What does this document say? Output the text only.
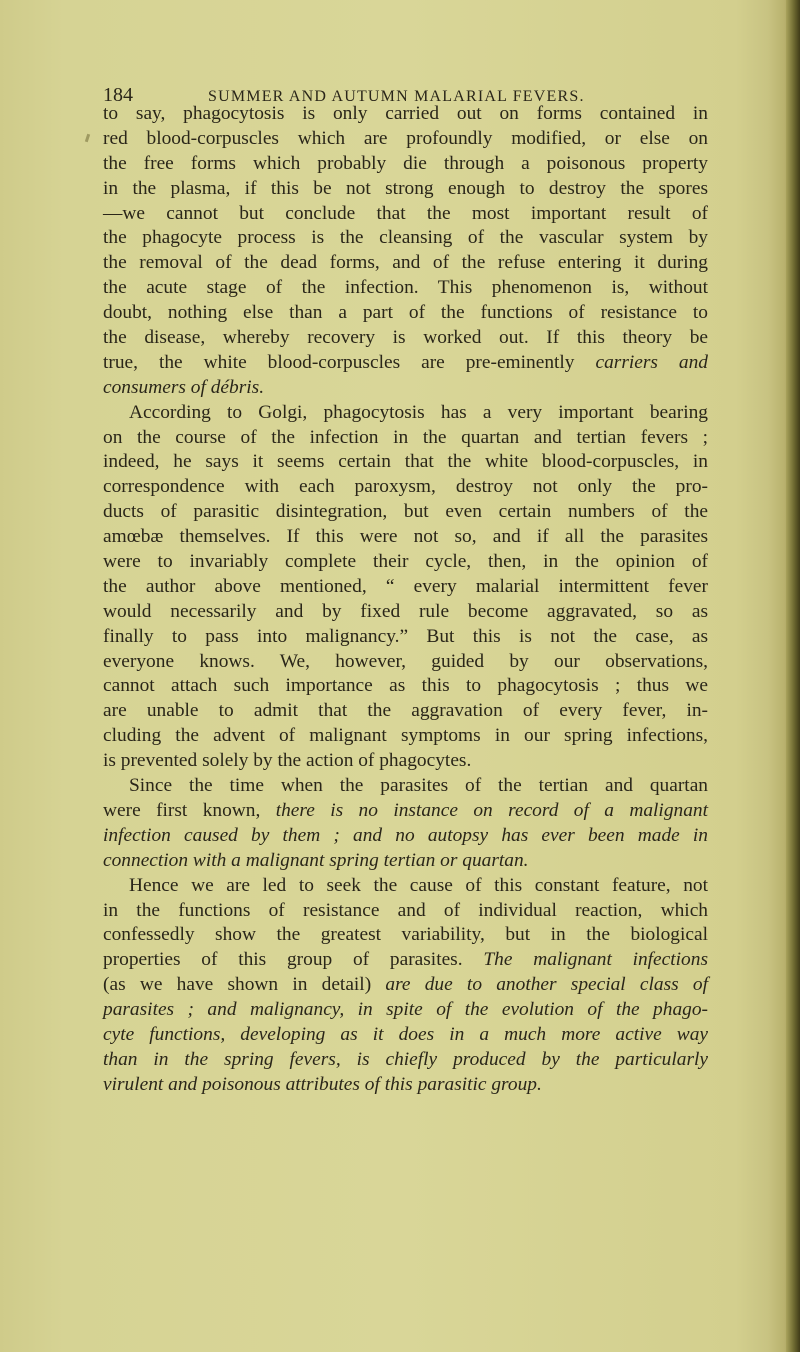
184	SUMMER AND AUTUMN MALARIAL FEVERS.
to say, phagocytosis is only carried out on forms contained in
red blood-corpuscles which are profoundly modified, or else on
the free forms which probably die through a poisonous property
in the plasma, if this be not strong enough to destroy the spores
—we cannot but conclude that the most important result of
the phagocyte process is the cleansing of the vascular system by
the removal of the dead forms, and of the refuse entering it during
the acute stage of the infection. This phenomenon is, without
doubt, nothing else than a part of the functions of resistance to
the disease, whereby recovery is worked out. If this theory be
true, the white blood-corpuscles are pre-eminently carriers and
consumers of débris.
According to Golgi, phagocytosis has a very important bearing
on the course of the infection in the quartan and tertian fevers ;
indeed, he says it seems certain that the white blood-corpuscles, in
correspondence with each paroxysm, destroy not only the pro-
ducts of parasitic disintegration, but even certain numbers of the
amœbæ themselves. If this were not so, and if all the parasites
were to invariably complete their cycle, then, in the opinion of
the author above mentioned, “ every malarial intermittent fever
would necessarily and by fixed rule become aggravated, so as
finally to pass into malignancy.” But this is not the case, as
everyone knows. We, however, guided by our observations,
cannot attach such importance as this to phagocytosis ; thus we
are unable to admit that the aggravation of every fever, in-
cluding the advent of malignant symptoms in our spring infections,
is prevented solely by the action of phagocytes.
Since the time when the parasites of the tertian and quartan
were first known, there is no instance on record of a malignant
infection caused by them ; and no autopsy has ever been made in
connection with a malignant spring tertian or quartan.
Hence we are led to seek the cause of this constant feature, not
in the functions of resistance and of individual reaction, which
confessedly show the greatest variability, but in the biological
properties of this group of parasites. The malignant infections
(as we have shown in detail) are due to another special class of
parasites ; and malignancy, in spite of the evolution of the phago-
cyte functions, developing as it does in a much more active way
than in the spring fevers, is chiefly produced by the particularly
virulent and poisonous attributes of this parasitic group.
